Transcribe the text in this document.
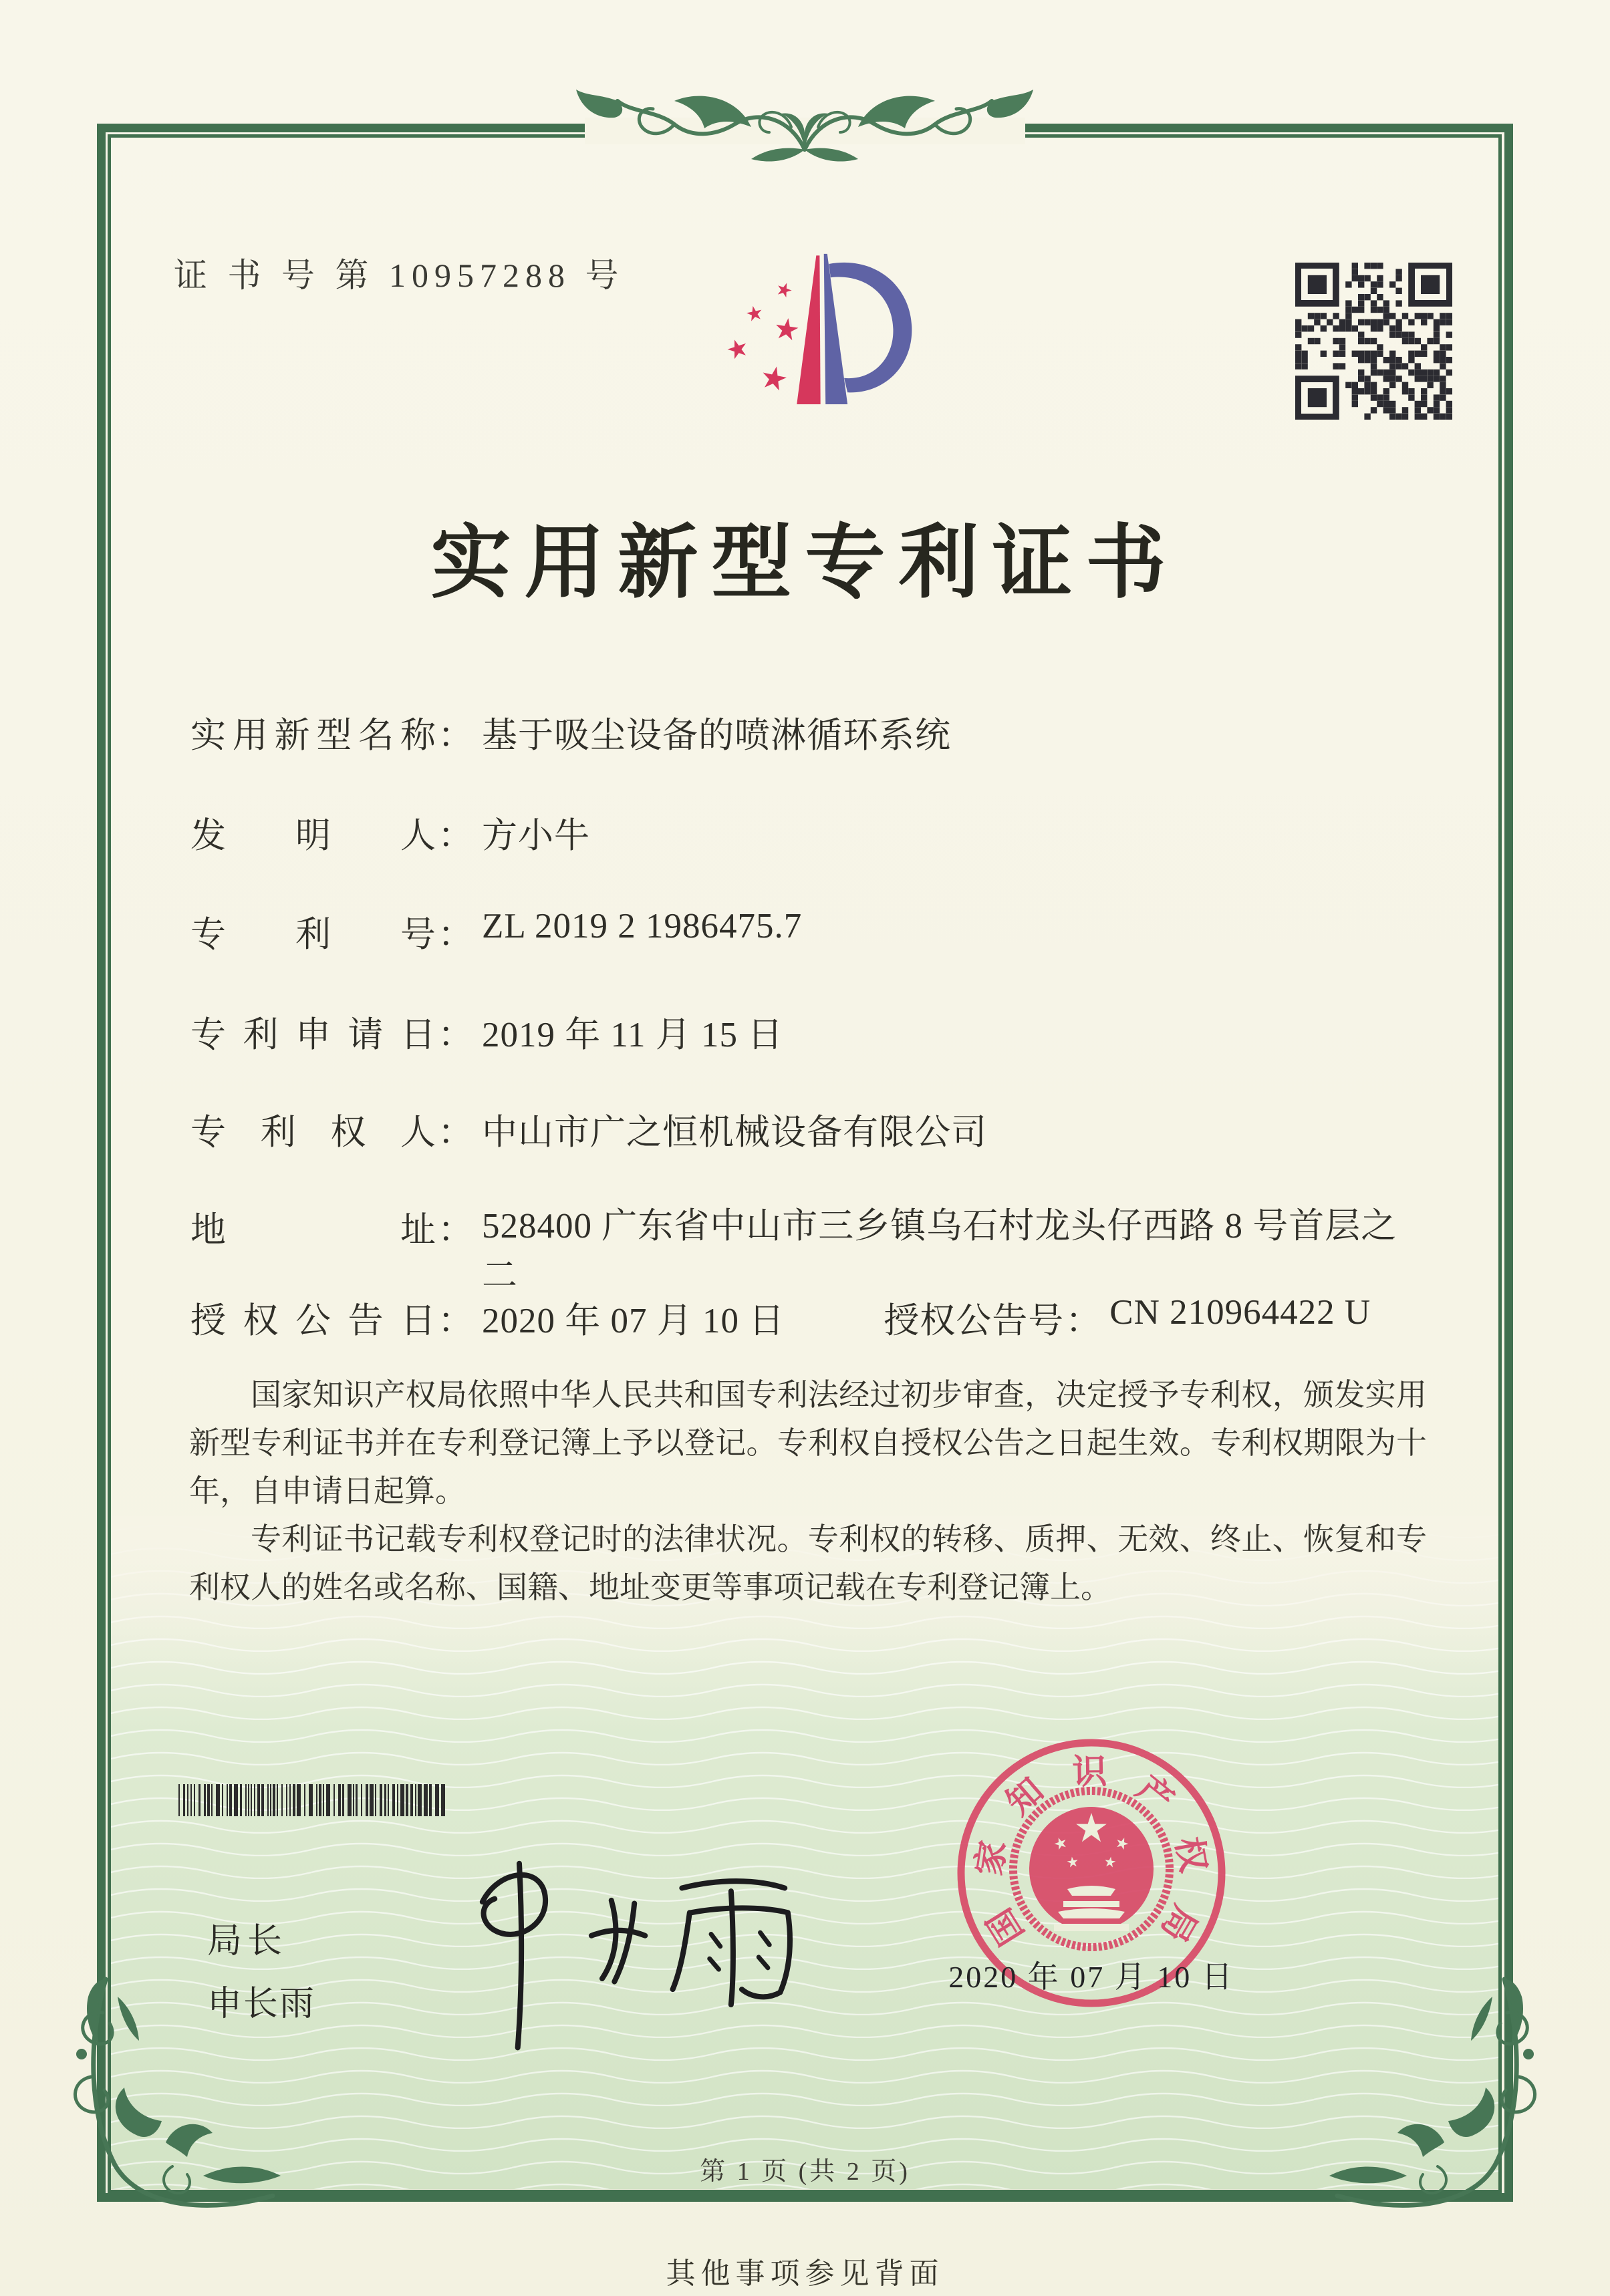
证 书 号 第 10957288 号
实用新型专利证书
实用新型名称 ： 基于吸尘设备的喷淋循环系统
发明人 ： 方小牛
专利号 ： ZL 2019 2 1986475.7
专利申请日 ： 2019 年 11 月 15 日
专利权人 ： 中山市广之恒机械设备有限公司
地址 ： 528400 广东省中山市三乡镇乌石村龙头仔西路 8 号首层之二
授权公告日 ： 2020 年 07 月 10 日	授权公告号 ： CN 210964422 U

国家知识产权局依照中华人民共和国专利法经过初步审查，决定授予专利权，颁发实用新型专利证书并在专利登记簿上予以登记。专利权自授权公告之日起生效。专利权期限为十年，自申请日起算。

专利证书记载专利权登记时的法律状况。专利权的转移、质押、无效、终止、恢复和专利权人的姓名或名称、国籍、地址变更等事项记载在专利登记簿上。

局长
申长雨
国
家
知 识 产
权
局
2020 年 07 月 10 日
第 1 页 (共 2 页)
其他事项参见背面
